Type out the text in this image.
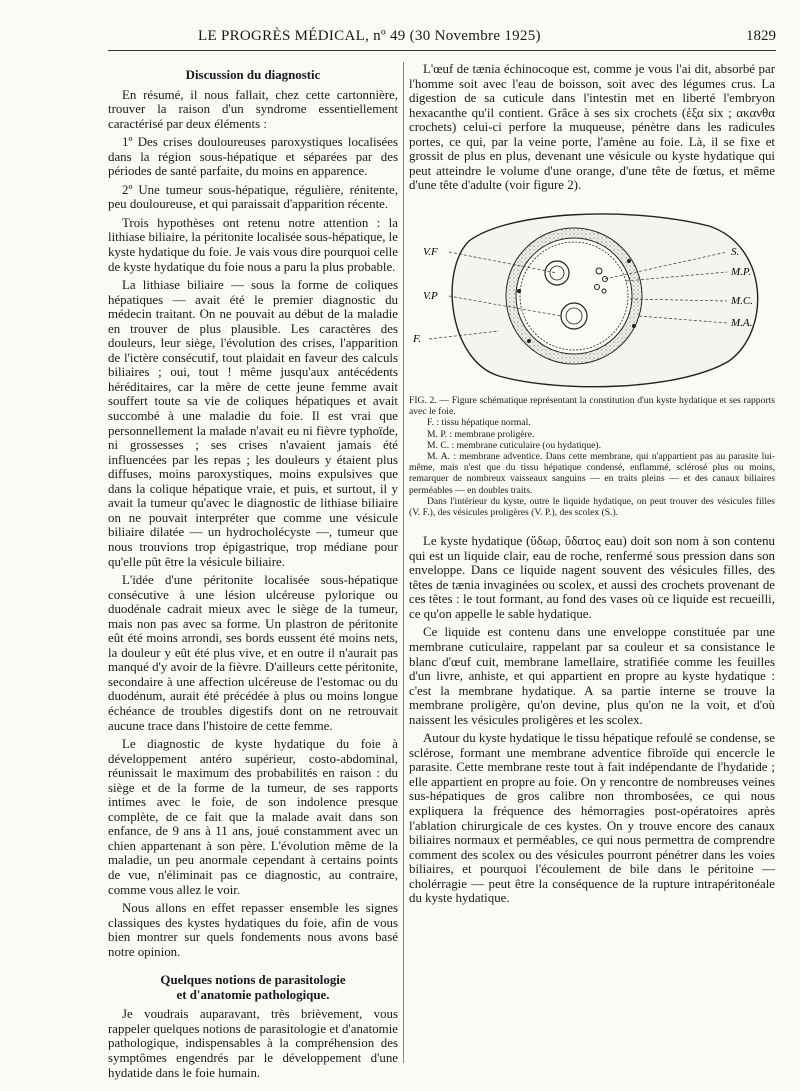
LE PROGRÈS MÉDICAL, nº 49 (30 Novembre 1925)	1829
Discussion du diagnostic

En résumé, il nous fallait, chez cette cartonnière, trouver la raison d'un syndrome essentiellement caractérisé par deux éléments :

1º Des crises douloureuses paroxystiques localisées dans la région sous-hépatique et séparées par des périodes de santé parfaite, du moins en apparence.

2º Une tumeur sous-hépatique, régulière, rénitente, peu douloureuse, et qui paraissait d'apparition récente.

Trois hypothèses ont retenu notre attention : la lithiase biliaire, la péritonite localisée sous-hépatique, le kyste hydatique du foie. Je vais vous dire pourquoi celle de kyste hydatique du foie nous a paru la plus probable.

La lithiase biliaire — sous la forme de coliques hépatiques — avait été le premier diagnostic du médecin traitant. On ne pouvait au début de la maladie en trouver de plus plausible. Les caractères des douleurs, leur siège, l'évolution des crises, l'apparition de l'ictère consécutif, tout plaidait en faveur des calculs biliaires ; oui, tout ! même jusqu'aux antécédents héréditaires, car la mère de cette jeune femme avait souffert toute sa vie de coliques hépatiques et avait succombé à une maladie du foie. Il est vrai que personnellement la malade n'avait eu ni fièvre typhoïde, ni grossesses ; ses crises n'avaient jamais été influencées par les repas ; les douleurs y étaient plus diffuses, moins paroxystiques, moins expulsives que dans la colique hépatique vraie, et puis, et surtout, il y avait la tumeur qu'avec le diagnostic de lithiase biliaire on ne pouvait interpréter que comme une vésicule biliaire dilatée — un hydrocholécyste —, tumeur que nous trouvions trop épigastrique, trop médiane pour qu'elle pût être la vésicule biliaire.

L'idée d'une péritonite localisée sous-hépatique consécutive à une lésion ulcéreuse pylorique ou duodénale cadrait mieux avec le siège de la tumeur, mais non pas avec sa forme. Un plastron de péritonite eût été moins arrondi, ses bords eussent été moins nets, la douleur y eût été plus vive, et en outre il n'aurait pas manqué d'y avoir de la fièvre. D'ailleurs cette péritonite, secondaire à une affection ulcéreuse de l'estomac ou du duodénum, aurait été précédée à plus ou moins longue échéance de troubles digestifs dont on ne retrouvait aucune trace dans l'histoire de cette femme.

Le diagnostic de kyste hydatique du foie à développement antéro supérieur, costo-abdominal, réunissait le maximum des probabilités en raison : du siège et de la forme de la tumeur, de ses rapports intimes avec le foie, de son indolence presque complète, de ce fait que la malade avait dans son enfance, de 9 ans à 11 ans, joué constamment avec un chien appartenant à son père. L'évolution même de la maladie, un peu anormale cependant à certains points de vue, n'éliminait pas ce diagnostic, au contraire, comme vous allez le voir.

Nous allons en effet repasser ensemble les signes classiques des kystes hydatiques du foie, afin de vous bien montrer sur quels fondements nous avons basé notre opinion.

Quelques notions de parasitologie
et d'anatomie pathologique.

Je voudrais auparavant, très brièvement, vous rappeler quelques notions de parasitologie et d'anatomie pathologique, indispensables à la compréhension des symptômes engendrés par le développement d'une hydatide dans le foie humain.

L'œuf de tænia échinocoque est, comme je vous l'ai dit, absorbé par l'homme soit avec l'eau de boisson, soit avec des légumes crus. La digestion de sa cuticule dans l'intestin met en liberté l'embryon hexacanthe qu'il contient. Grâce à ses six crochets (ἑξα six ; ακανθα crochets) celui-ci perfore la muqueuse, pénètre dans les radicules portes, ce qui, par la veine porte, l'amène au foie. Là, il se fixe et grossit de plus en plus, devenant une vésicule ou kyste hydatique qui peut atteindre le volume d'une orange, d'une tête de fœtus, et même d'une tête d'adulte (voir figure 2).

V.F
V.P
F.
S.
M.P.
M.C.
M.A.
FIG. 2. — Figure schématique représentant la constitution d'un kyste hydatique et ses rapports avec le foie.
F. : tissu hépatique normal.
M. P. : membrane proligère.
M. C. : membrane cuticulaire (ou hydatique).
M. A. : membrane adventice. Dans cette membrane, qui n'appartient pas au parasite lui-même, mais n'est que du tissu hépatique condensé, enflammé, sclérosé plus ou moins, remarquer de nombreux vaisseaux sanguins — en traits pleins — et des canaux biliaires perméables — en doubles traits.
Dans l'intérieur du kyste, outre le liquide hydatique, on peut trouver des vésicules filles (V. F.), des vésicules proligères (V. P.), des scolex (S.).

Le kyste hydatique (ὕδωρ, ὕδατος eau) doit son nom à son contenu qui est un liquide clair, eau de roche, renfermé sous pression dans son enveloppe. Dans ce liquide nagent souvent des vésicules filles, des têtes de tænia invaginées ou scolex, et aussi des crochets provenant de ces têtes : le tout formant, au fond des vases où ce liquide est recueilli, ce qu'on appelle le sable hydatique.

Ce liquide est contenu dans une enveloppe constituée par une membrane cuticulaire, rappelant par sa couleur et sa consistance le blanc d'œuf cuit, membrane lamellaire, stratifiée comme les feuilles d'un livre, anhiste, et qui appartient en propre au kyste hydatique : c'est la membrane hydatique. A sa partie interne se trouve la membrane proligère, qu'on devine, plus qu'on ne la voit, et d'où naissent les vésicules proligères et les scolex.

Autour du kyste hydatique le tissu hépatique refoulé se condense, se sclérose, formant une membrane adventice fibroïde qui encercle le parasite. Cette membrane reste tout à fait indépendante de l'hydatide ; elle appartient en propre au foie. On y rencontre de nombreuses veines sus-hépatiques de gros calibre non thrombosées, ce qui nous expliquera la fréquence des hémorragies post-opératoires après l'ablation chirurgicale de ces kystes. On y trouve encore des canaux biliaires normaux et perméables, ce qui nous permettra de comprendre comment des scolex ou des vésicules pourront pénétrer dans les voies biliaires, et pourquoi l'écoulement de bile dans le péritoine — cholérragie — peut être la conséquence de la rupture intrapéritonéale du kyste hydatique.
